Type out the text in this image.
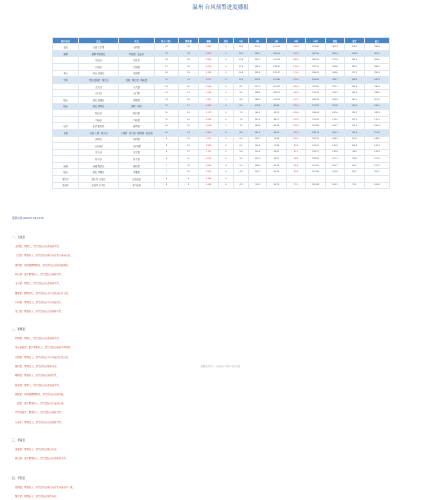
温州 台风预警进度播报
地区/站名	站点	区县	风力（级）	降雨量	涨幅	排名	1时	3时	6时	12时	24时	预报	累计	最大
文成	文成 大峃镇	南田镇	19	28	3.469	0	16.5	312.4	167.48	216.9	319.49	302.3	215.5	318.8
泰顺	泰顺 罗阳镇站	罗阳镇 · 新浦乡	22	31	3.315	1	14.2	298.1	155.26	203.7	302.18	289.4	200.6	301.2
	司前站	司前乡	18	26	2.963	0	12.8	265.7	141.09	188.2	284.76	271.5	191.3	283.0
	仕阳站	仕阳镇	17	24	2.874	0	11.9	248.3	138.55	179.4	270.12	259.8	185.7	268.1
苍南	苍南 灵溪站	灵溪镇	16	23	2.745	1	10.6	231.9	129.37	171.6	258.42	244.6	177.2	255.9
平阳	平阳 昆阳镇 · 鳌江站	昆阳 · 鳌江镇 · 腾蛟镇	15	21	2.611	0	10.1	219.4	121.88	163.5	243.09	236.7	169.4	242.3
	水头站	水头镇	14	20	2.534	0	9.7	207.2	116.42	155.9	231.65	225.1	161.8	230.4
	山门站	山门镇	13	19	2.418	0	9.2	198.6	109.73	148.2	219.47	214.3	154.6	218.9
瑞安	瑞安 高楼站	高楼镇	13	18	2.337	1	8.8	186.3	103.29	141.7	208.33	203.5	147.1	207.6
瑞安	瑞安 湖岭站	湖岭 · 林川	12	17	2.256	0	8.3	175.8	98.64	135.4	197.82	192.8	140.3	196.2
	陶山站	陶山镇	11	16	2.172	0	7.9	166.1	93.15	128.6	186.54	182.4	133.7	185.9
	马屿站	马屿镇	11	15	2.093	0	7.5	157.4	88.71	122.3	176.29	173.2	127.5	175.1
乐清	乐清 雁荡站	雁荡镇	10	15	2.018	1	7.1	149.8	84.36	116.9	167.88	164.7	121.4	166.3
永嘉	永嘉 上塘 · 岩头站	上塘镇 · 岩头镇 · 枫林镇 · 鹤盛镇	10	14	1.942	0	6.8	141.2	80.05	110.6	158.73	156.1	115.8	157.4
	岩坦站	岩坦镇	9	13	1.875	0	6.4	133.7	76.48	105.2	150.26	148.3	110.2	149.0
	大若岩站	大若岩镇	9	13	1.806	0	6.1	126.9	72.93	99.8	142.41	140.9	104.9	141.5
	沙头站	沙头镇	8	12	1.741	0	5.8	120.4	69.51	94.7	135.17	133.8	99.6	134.3
	桥下站	桥下镇	8	11	1.679	0	5.5	114.2	66.27	89.9	128.42	127.1	94.8	127.6
鹿城	鹿城 藤桥站	藤桥镇	7	11	1.613	0	5.2	108.3	63.14	85.3	122.05	120.7	90.1	121.2
瓯海	瓯海 泽雅站	泽雅镇	7	10	1.552	0	4.9	102.7	60.18	80.9	115.96	114.6	85.7	115.1
洞头区	洞头区 北岙站	北岙街道	6	9	1.494	0								
龙湾区	龙湾区 永中站	永中街道	6	9	1.438	0	4.3	92.4	54.76	73.2	105.38	104.2	78.1	104.6
更新时间 2023-07-28 13:25
数据仅供参考，以温州市气象台发布为准
一、文成县
南田镇：雨量大，请注意防范山洪地质灾害。
大峃镇：雨量较大，请注意防范城市内涝及小流域山洪。
黄坦镇：短时强降雨明显，请注意防范山体滑坡风险。
西坑镇：累计雨量较大，请注意防范地质灾害。
玉壶镇：雨量大，请注意防范山洪地质灾害。
珊溪镇：降雨持续，请注意防范水库及河道水位上涨。
巨屿镇：雨量较大，请注意防范中小河流洪水。
峃口镇：雨量较大，请注意防范山洪地质灾害。
二、泰顺县
罗阳镇：雨量大，请注意防范山洪地质灾害。
司前畲族镇：累计雨量较大，请注意防范地质灾害风险。
仕阳镇：雨量较大，请注意防范中小河流洪水及山洪。
筱村镇：雨量较大，请注意防范城乡内涝。
雅阳镇：雨量较大，请注意防范地质灾害。
彭溪镇：雨量大，请注意防范山洪地质灾害。
泗溪镇：短时强降雨明显，请注意防范山体滑坡。
三魁镇：累计雨量较大，请注意防范小流域山洪。
竹里畲族乡：雨量较大，请注意防范地质灾害。
东溪乡：雨量较大，请注意防范山洪地质灾害。
三、苍南县
灵溪镇：雨量较大，请注意防范城市内涝。
矾山镇：累计雨量较大，请注意防范山洪地质灾害。
四、平阳县
昆阳镇：雨量较大，请注意防范城市内涝及河道水位上涨。
鳌江镇：雨量较大，请注意防范城乡内涝。
